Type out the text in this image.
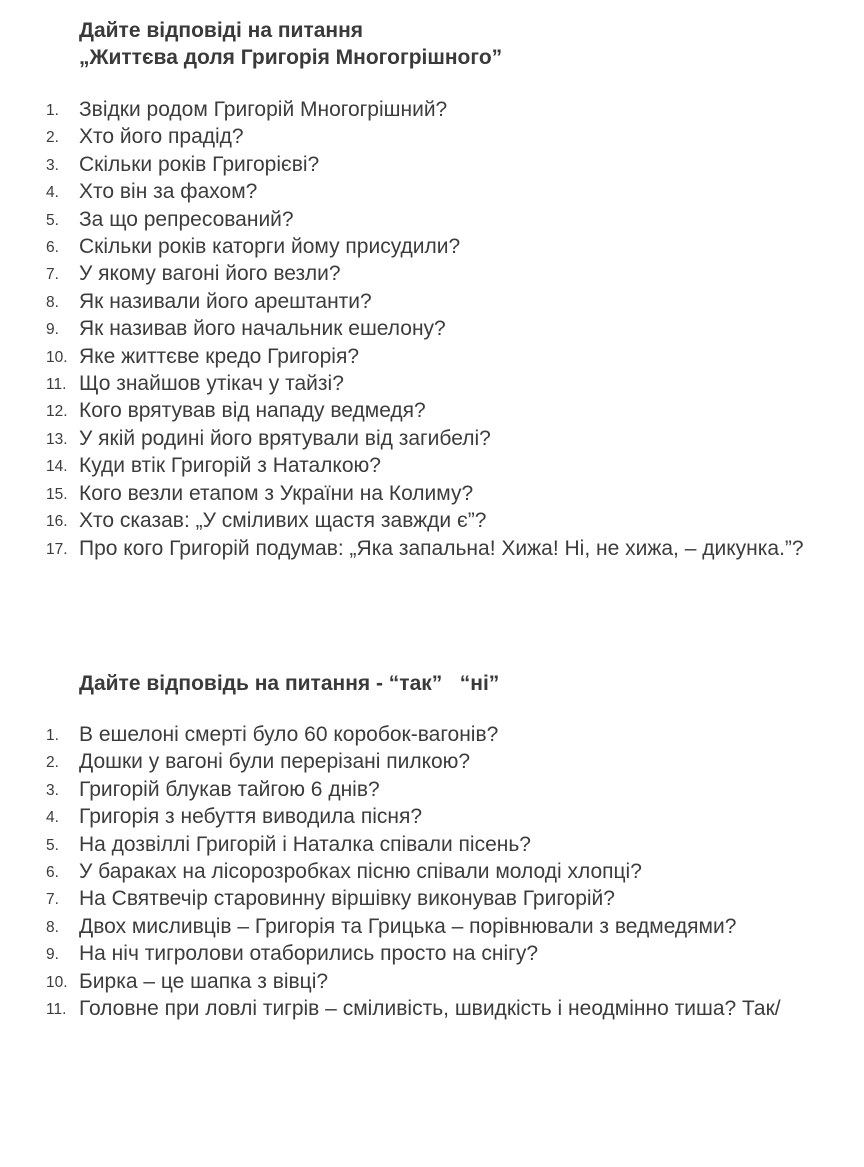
Дайте відповіді на питання
„Життєва доля Григорія Многогрішного”
1. Звідки родом Григорій Многогрішний?
2. Хто його прадід?
3. Скільки років Григорієві?
4. Хто він за фахом?
5. За що репресований?
6. Скільки років каторги йому присудили?
7. У якому вагоні його везли?
8. Як називали його арештанти?
9. Як називав його начальник ешелону?
10. Яке життєве кредо Григорія?
11. Що знайшов утікач у тайзі?
12. Кого врятував від нападу ведмедя?
13. У якій родині його врятували від загибелі?
14. Куди втік Григорій з Наталкою?
15. Кого везли етапом з України на Колиму?
16. Хто сказав: „У сміливих щастя завжди є”?
17. Про кого Григорій подумав: „Яка запальна! Хижа! Ні, не хижа, – дикунка.”?
Дайте відповідь на питання - “так”   “ні”
1. В ешелоні смерті було 60 коробок-вагонів?
2. Дошки у вагоні були перерізані пилкою?
3. Григорій блукав тайгою 6 днів?
4. Григорія з небуття виводила пісня?
5. На дозвіллі Григорій і Наталка співали пісень?
6. У бараках на лісорозробках пісню співали молоді хлопці?
7. На Святвечір старовинну віршівку виконував Григорій?
8. Двох мисливців – Григорія та Грицька – порівнювали з ведмедями?
9. На ніч тигролови отаборились просто на снігу?
10. Бирка – це шапка з вівці?
11. Головне при ловлі тигрів – сміливість, швидкість і неодмінно тиша? Так/
